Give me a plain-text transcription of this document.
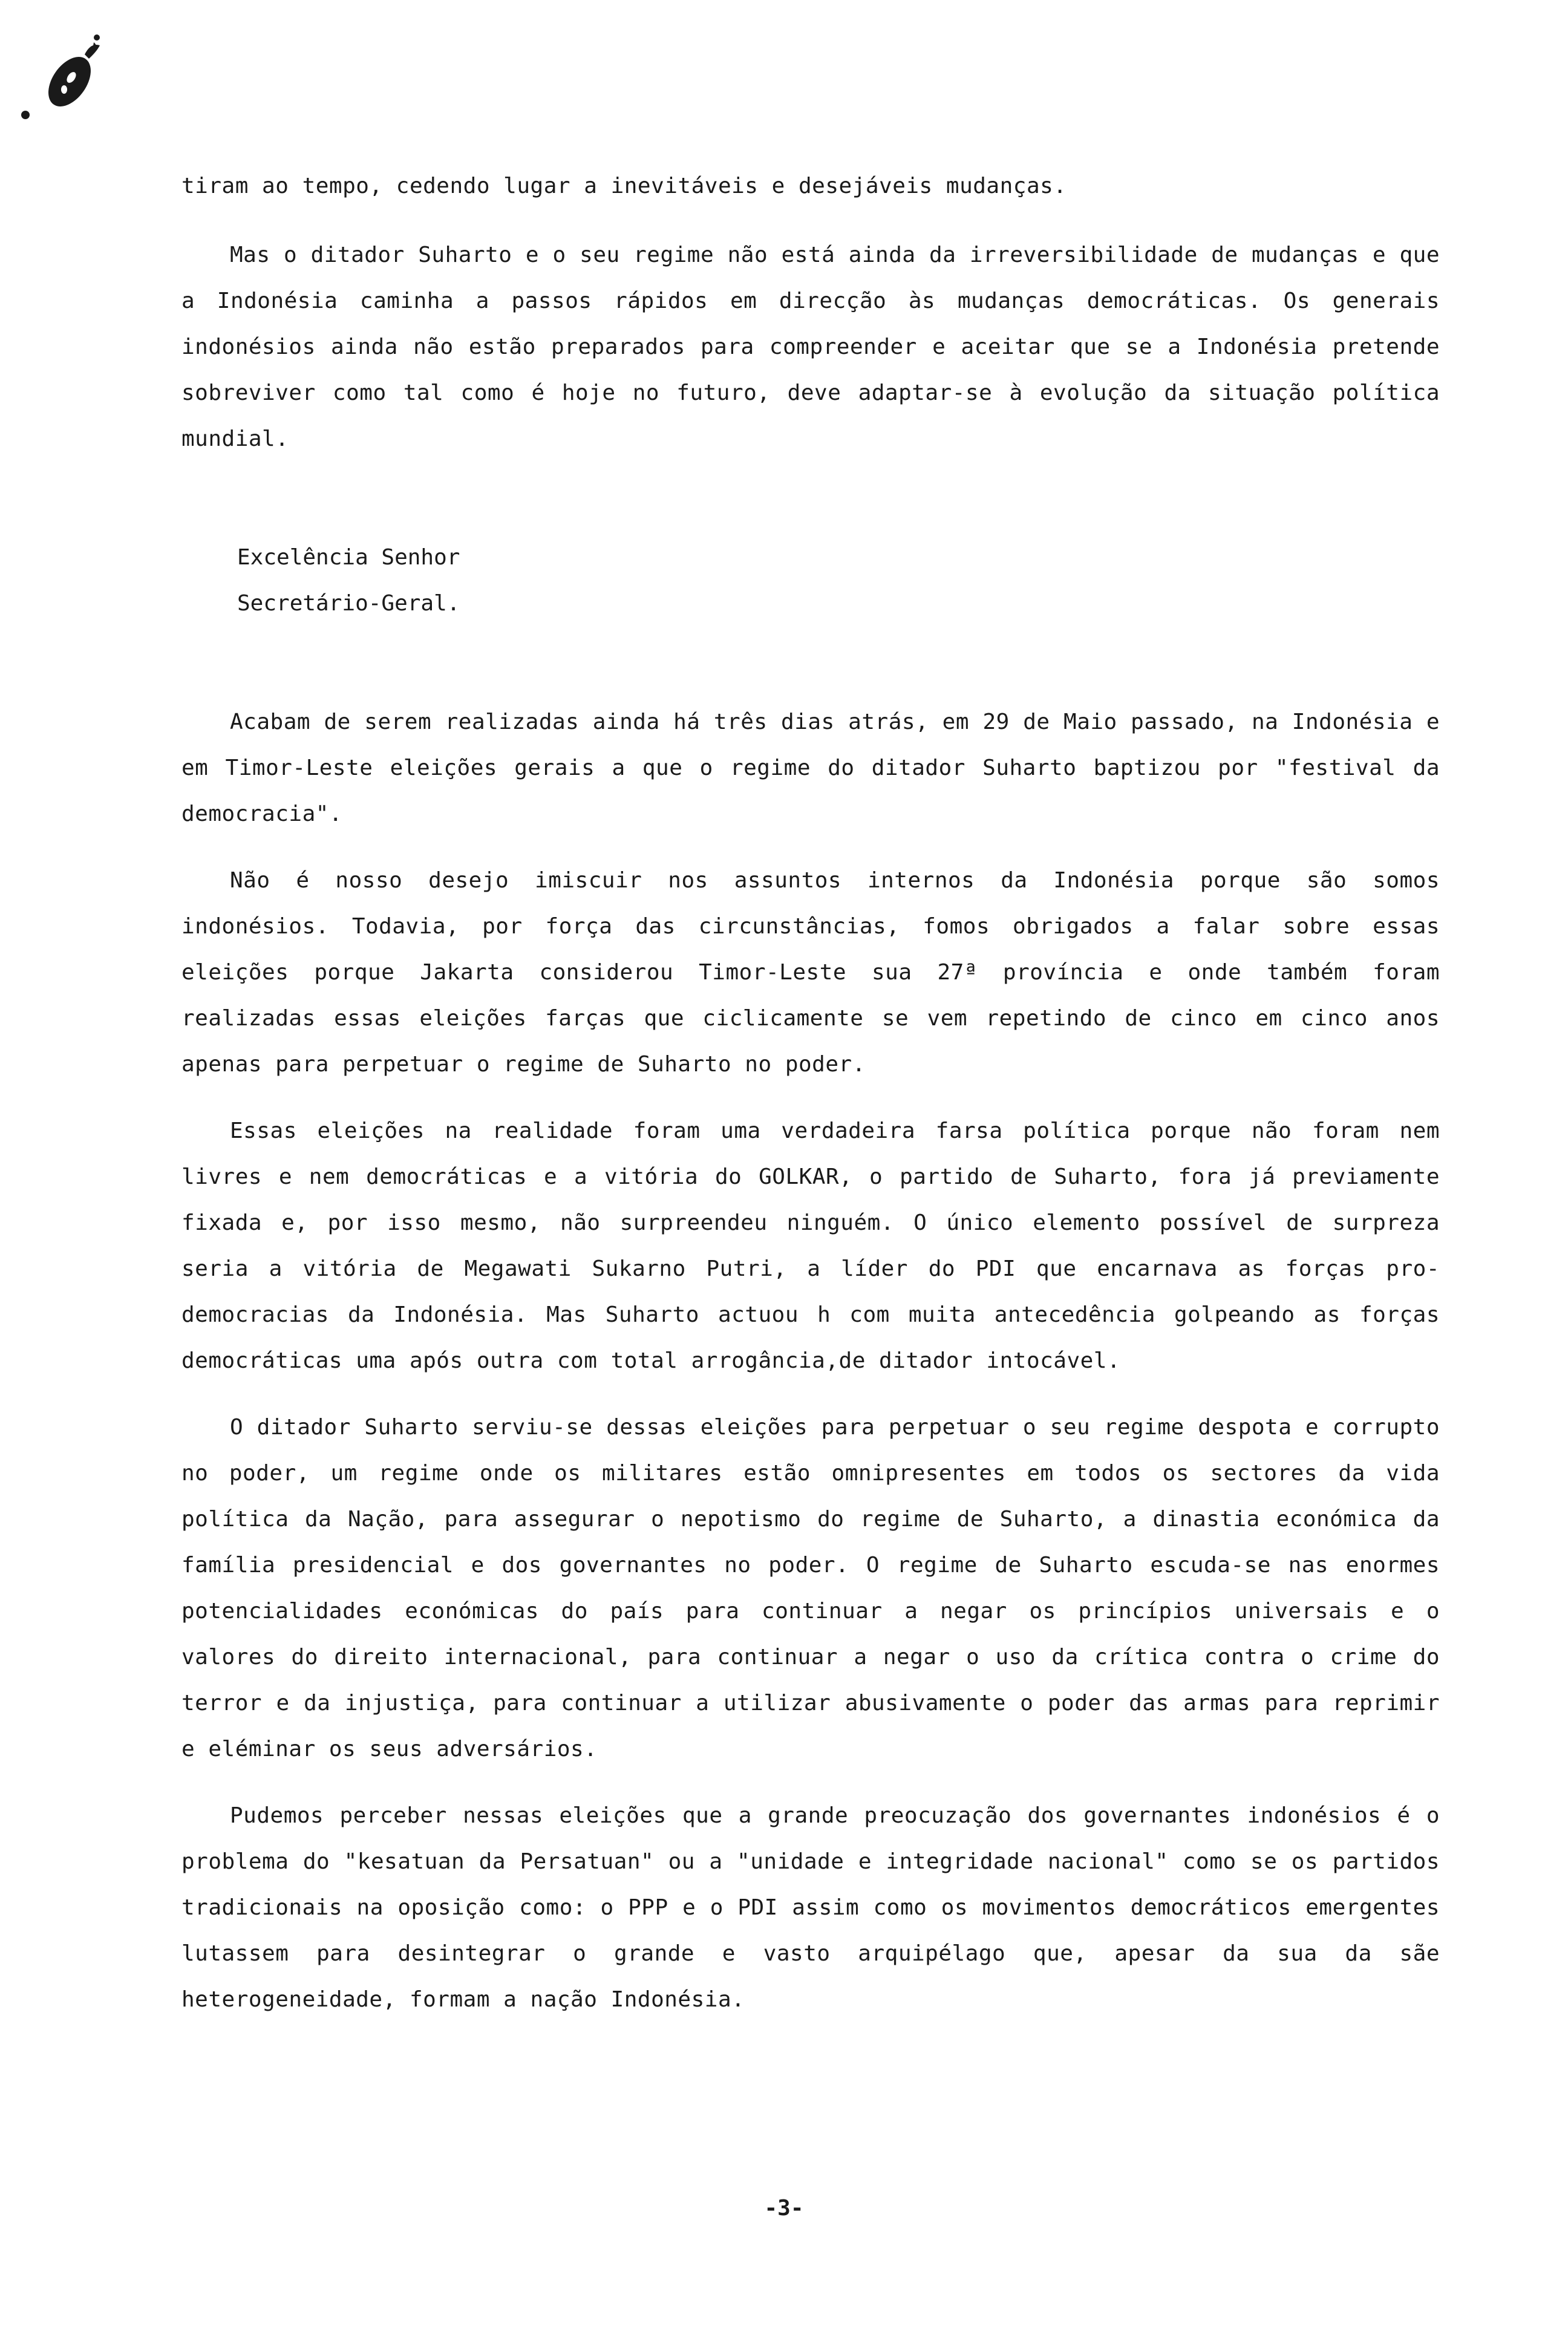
tiram ao tempo, cedendo lugar a inevitáveis e desejáveis mudanças.

Mas o ditador Suharto e o seu regime não está ainda da irreversibilidade de mudanças e que a Indonésia caminha a passos rápidos em direcção às mudanças democráticas. Os generais indonésios ainda não estão preparados para compreender e aceitar que se a Indonésia pretende sobreviver como tal como é hoje no futuro, deve adaptar-se à evolução da situação política mundial.

Excelência Senhor

Secretário-Geral.

Acabam de serem realizadas ainda há três dias atrás, em 29 de Maio passado, na Indonésia e em Timor-Leste eleições gerais a que o regime do ditador Suharto baptizou por "festival da democracia".

Não é nosso desejo imiscuir nos assuntos internos da Indonésia porque são somos indonésios. Todavia, por força das circunstâncias, fomos obrigados a falar sobre essas eleições porque Jakarta considerou Timor-Leste sua 27ª província e onde também foram realizadas essas eleições farças que ciclicamente se vem repetindo de cinco em cinco anos apenas para perpetuar o regime de Suharto no poder.

Essas eleições na realidade foram uma verdadeira farsa política porque não foram nem livres e nem democráticas e a vitória do GOLKAR, o partido de Suharto, fora já previamente fixada e, por isso mesmo, não surpreendeu ninguém. O único elemento possível de surpreza seria a vitória de Megawati Sukarno Putri, a líder do PDI que encarnava as forças pro-democracias da Indonésia. Mas Suharto actuou h com muita antecedência golpeando as forças democráticas uma após outra com total arrogância,de ditador intocável.

O ditador Suharto serviu-se dessas eleições para perpetuar o seu regime despota e corrupto no poder, um regime onde os militares estão omnipresentes em todos os sectores da vida política da Nação, para assegurar o nepotismo do regime de Suharto, a dinastia económica da família presidencial e dos governantes no poder. O regime de Suharto escuda-se nas enormes potencialidades económicas do país para continuar a negar os princípios universais e o valores do direito internacional, para continuar a negar o uso da crítica contra o crime do terror e da injustiça, para continuar a utilizar abusivamente o poder das armas para reprimir e eléminar os seus adversários.

Pudemos perceber nessas eleições que a grande preocuzação dos governantes indonésios é o problema do "kesatuan da Persatuan" ou a "unidade e integridade nacional" como se os partidos tradicionais na oposição como: o PPP e o PDI assim como os movimentos democráticos emergentes lutassem para desintegrar o grande e vasto arquipélago que, apesar da sua da sãe heterogeneidade, formam a nação Indonésia.

-3-
